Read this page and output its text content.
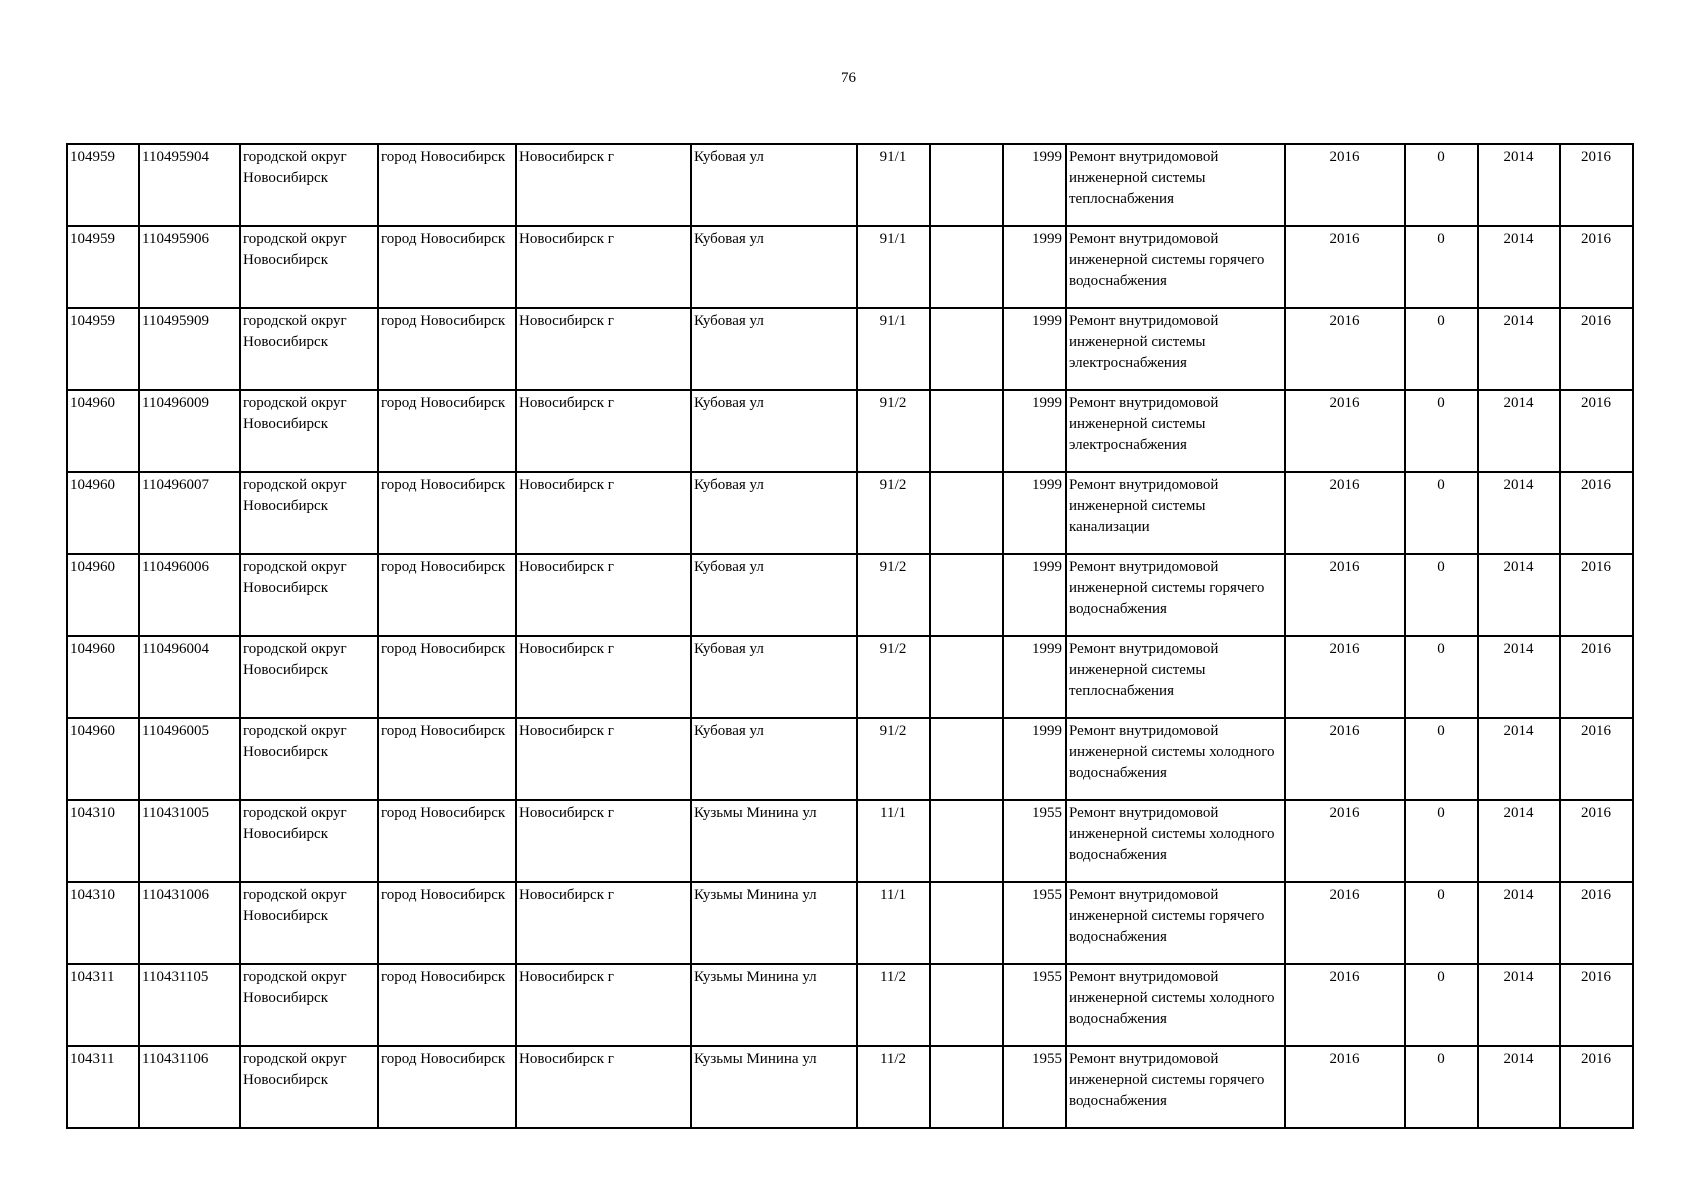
76
104959	110495904	городской округ Новосибирск	город Новосибирск	Новосибирск г	Кубовая ул	91/1		1999	Ремонт внутридомовой инженерной системы теплоснабжения	2016	0	2014	2016
104959	110495906	городской округ Новосибирск	город Новосибирск	Новосибирск г	Кубовая ул	91/1		1999	Ремонт внутридомовой инженерной системы горячего водоснабжения	2016	0	2014	2016
104959	110495909	городской округ Новосибирск	город Новосибирск	Новосибирск г	Кубовая ул	91/1		1999	Ремонт внутридомовой инженерной системы электроснабжения	2016	0	2014	2016
104960	110496009	городской округ Новосибирск	город Новосибирск	Новосибирск г	Кубовая ул	91/2		1999	Ремонт внутридомовой инженерной системы электроснабжения	2016	0	2014	2016
104960	110496007	городской округ Новосибирск	город Новосибирск	Новосибирск г	Кубовая ул	91/2		1999	Ремонт внутридомовой инженерной системы канализации	2016	0	2014	2016
104960	110496006	городской округ Новосибирск	город Новосибирск	Новосибирск г	Кубовая ул	91/2		1999	Ремонт внутридомовой инженерной системы горячего водоснабжения	2016	0	2014	2016
104960	110496004	городской округ Новосибирск	город Новосибирск	Новосибирск г	Кубовая ул	91/2		1999	Ремонт внутридомовой инженерной системы теплоснабжения	2016	0	2014	2016
104960	110496005	городской округ Новосибирск	город Новосибирск	Новосибирск г	Кубовая ул	91/2		1999	Ремонт внутридомовой инженерной системы холодного водоснабжения	2016	0	2014	2016
104310	110431005	городской округ Новосибирск	город Новосибирск	Новосибирск г	Кузьмы Минина ул	11/1		1955	Ремонт внутридомовой инженерной системы холодного водоснабжения	2016	0	2014	2016
104310	110431006	городской округ Новосибирск	город Новосибирск	Новосибирск г	Кузьмы Минина ул	11/1		1955	Ремонт внутридомовой инженерной системы горячего водоснабжения	2016	0	2014	2016
104311	110431105	городской округ Новосибирск	город Новосибирск	Новосибирск г	Кузьмы Минина ул	11/2		1955	Ремонт внутридомовой инженерной системы холодного водоснабжения	2016	0	2014	2016
104311	110431106	городской округ Новосибирск	город Новосибирск	Новосибирск г	Кузьмы Минина ул	11/2		1955	Ремонт внутридомовой инженерной системы горячего водоснабжения	2016	0	2014	2016
